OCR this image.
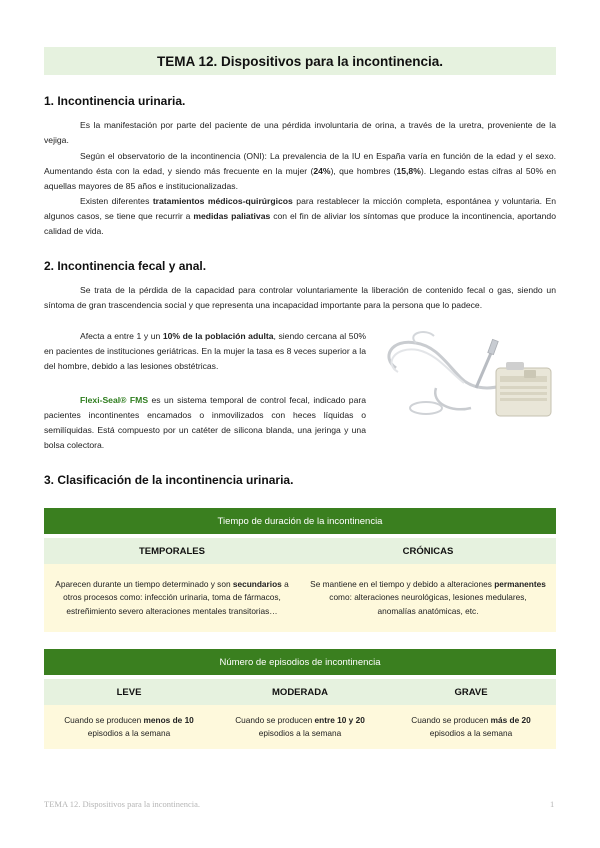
TEMA 12. Dispositivos para la incontinencia.
1. Incontinencia urinaria.

Es la manifestación por parte del paciente de una pérdida involuntaria de orina, a través de la uretra, proveniente de la vejiga.

Según el observatorio de la incontinencia (ONI): La prevalencia de la IU en España varía en función de la edad y el sexo. Aumentando ésta con la edad, y siendo más frecuente en la mujer (24%), que hombres (15,8%). Llegando estas cifras al 50% en aquellas mayores de 85 años e institucionalizadas.

Existen diferentes tratamientos médicos-quirúrgicos para restablecer la micción completa, espontánea y voluntaria. En algunos casos, se tiene que recurrir a medidas paliativas con el fin de aliviar los síntomas que produce la incontinencia, aportando calidad de vida.

2. Incontinencia fecal y anal.

Se trata de la pérdida de la capacidad para controlar voluntariamente la liberación de contenido fecal o gas, siendo un síntoma de gran trascendencia social y que representa una incapacidad importante para la persona que lo padece.

Afecta a entre 1 y un 10% de la población adulta, siendo cercana al 50% en pacientes de instituciones geriátricas. En la mujer la tasa es 8 veces superior a la del hombre, debido a las lesiones obstétricas.

Flexi-Seal® FMS es un sistema temporal de control fecal, indicado para pacientes incontinentes encamados o inmovilizados con heces líquidas o semilíquidas. Está compuesto por un catéter de silicona blanda, una jeringa y una bolsa colectora.

3. Clasificación de la incontinencia urinaria.
Tiempo de duración de la incontinencia	

TEMPORALES	CRÓNICAS
Aparecen durante un tiempo determinado y son secundarios a otros procesos como: infección urinaria, toma de fármacos, estreñimiento severo alteraciones mentales transitorias…	Se mantiene en el tiempo y debido a alteraciones permanentes como: alteraciones neurológicas, lesiones medulares, anomalías anatómicas, etc.
Número de episodios de incontinencia		

LEVE	MODERADA	GRAVE
Cuando se producen menos de 10 episodios a la semana	Cuando se producen entre 10 y 20 episodios a la semana	Cuando se producen más de 20 episodios a la semana
TEMA 12. Dispositivos para la incontinencia.	1
